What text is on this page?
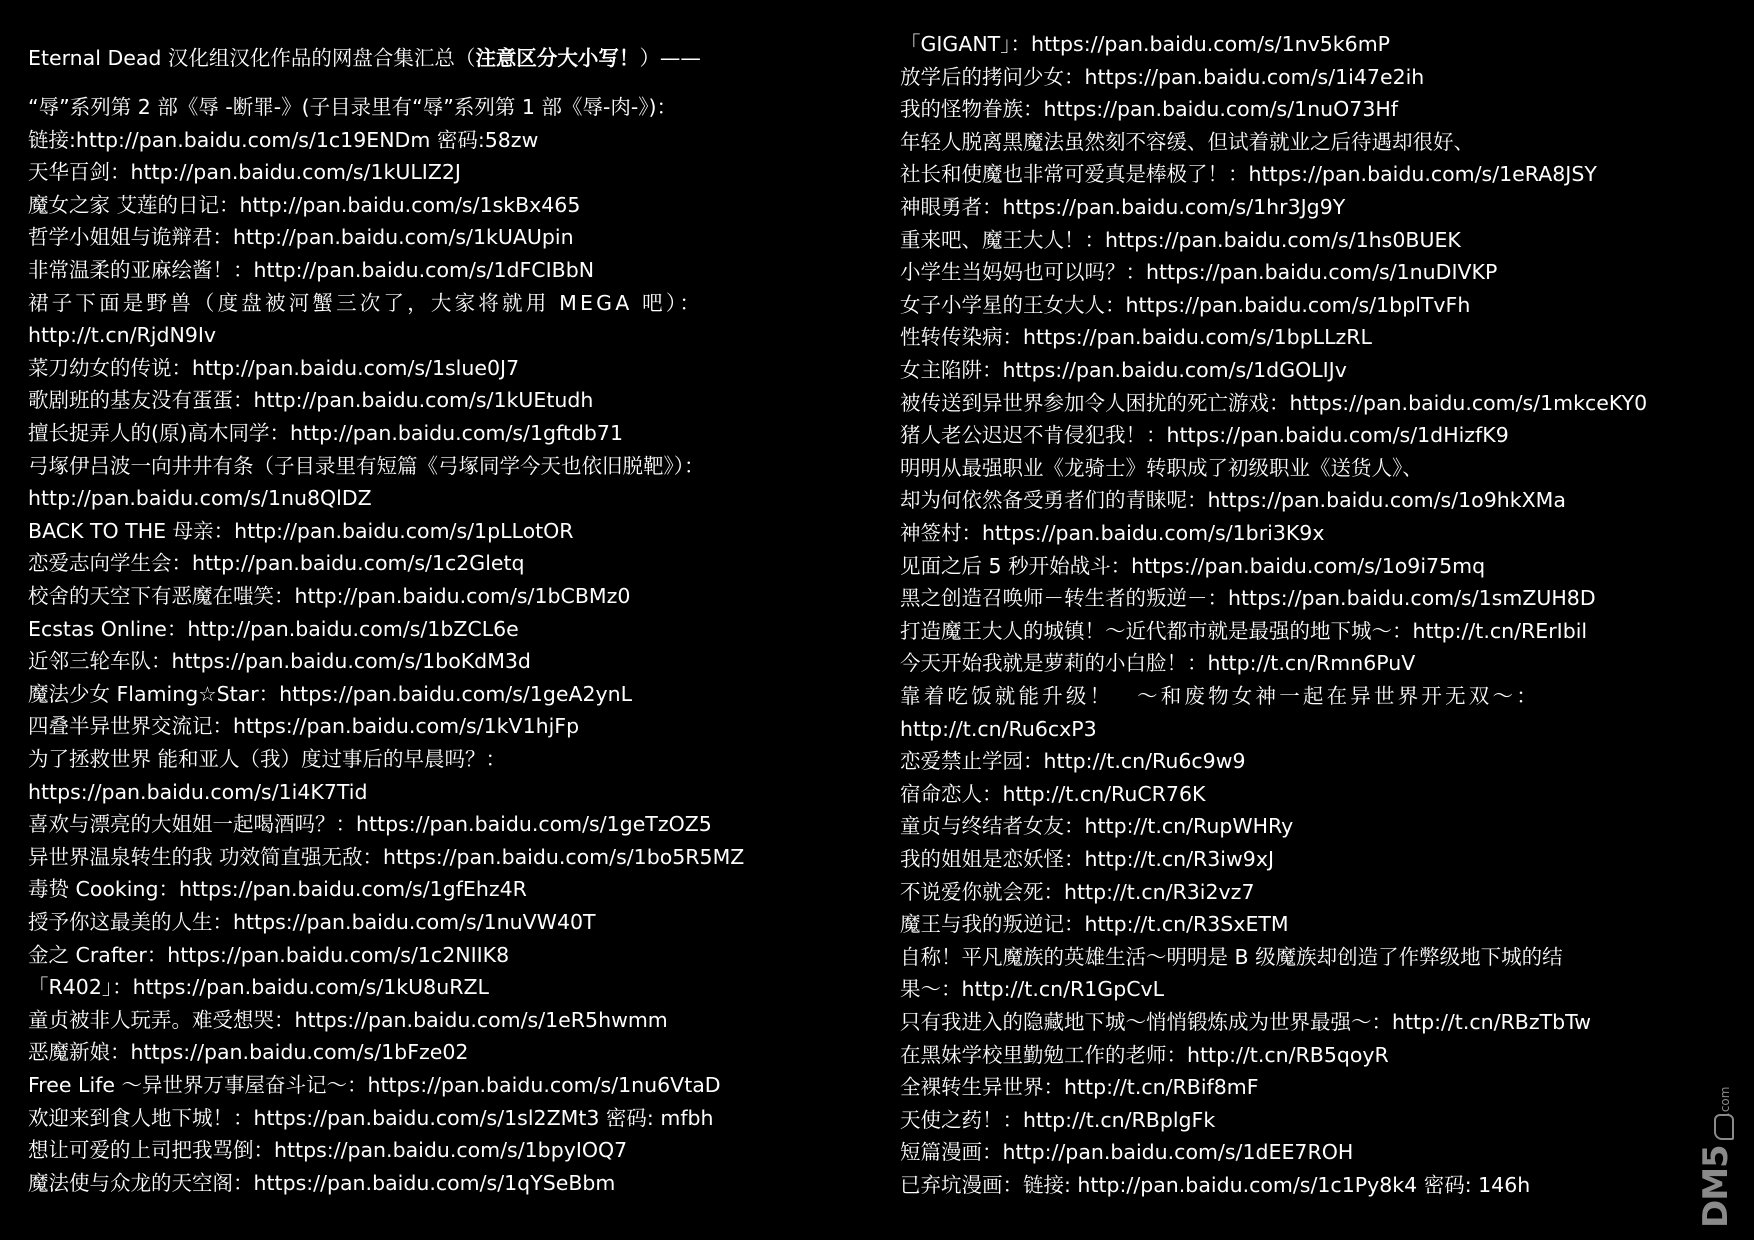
Eternal Dead 汉化组汉化作品的网盘合集汇总（注意区分大小写！）——
“辱”系列第 2 部《辱 -断罪-》(子目录里有“辱”系列第 1 部《辱-肉-》)：
链接:http://pan.baidu.com/s/1c19ENDm 密码:58zw
天华百剑：http://pan.baidu.com/s/1kULIZ2J
魔女之家 艾莲的日记：http://pan.baidu.com/s/1skBx465
哲学小姐姐与诡辩君：http://pan.baidu.com/s/1kUAUpin
非常温柔的亚麻绘酱！：http://pan.baidu.com/s/1dFCIBbN
裙子下面是野兽（度盘被河蟹三次了，大家将就用 MEGA 吧）：
http://t.cn/RjdN9Iv
菜刀幼女的传说：http://pan.baidu.com/s/1slue0J7
歌剧班的基友没有蛋蛋：http://pan.baidu.com/s/1kUEtudh
擅长捉弄人的(原)高木同学：http://pan.baidu.com/s/1gftdb71
弓塚伊吕波一向井井有条（子目录里有短篇《弓塚同学今天也依旧脱靶》）：
http://pan.baidu.com/s/1nu8QlDZ
BACK TO THE 母亲：http://pan.baidu.com/s/1pLLotOR
恋爱志向学生会：http://pan.baidu.com/s/1c2Gletq
校舍的天空下有恶魔在嗤笑：http://pan.baidu.com/s/1bCBMz0
Ecstas Online：http://pan.baidu.com/s/1bZCL6e
近邻三轮车队：https://pan.baidu.com/s/1boKdM3d
魔法少女 Flaming☆Star：https://pan.baidu.com/s/1geA2ynL
四叠半异世界交流记：https://pan.baidu.com/s/1kV1hjFp
为了拯救世界 能和亚人（我）度过事后的早晨吗？：
https://pan.baidu.com/s/1i4K7Tid
喜欢与漂亮的大姐姐一起喝酒吗？：https://pan.baidu.com/s/1geTzOZ5
异世界温泉转生的我 功效简直强无敌：https://pan.baidu.com/s/1bo5R5MZ
毒贽 Cooking：https://pan.baidu.com/s/1gfEhz4R
授予你这最美的人生：https://pan.baidu.com/s/1nuVW40T
金之 Crafter：https://pan.baidu.com/s/1c2NIIK8
「R402」：https://pan.baidu.com/s/1kU8uRZL
童贞被非人玩弄。难受想哭：https://pan.baidu.com/s/1eR5hwmm
恶魔新娘：https://pan.baidu.com/s/1bFze02
Free Life ～异世界万事屋奋斗记～：https://pan.baidu.com/s/1nu6VtaD
欢迎来到食人地下城！：https://pan.baidu.com/s/1sl2ZMt3 密码: mfbh
想让可爱的上司把我骂倒：https://pan.baidu.com/s/1bpyIOQ7
魔法使与众龙的天空阁：https://pan.baidu.com/s/1qYSeBbm
「GIGANT」：https://pan.baidu.com/s/1nv5k6mP
放学后的拷问少女：https://pan.baidu.com/s/1i47e2ih
我的怪物眷族：https://pan.baidu.com/s/1nuO73Hf
年轻人脱离黑魔法虽然刻不容缓、但试着就业之后待遇却很好、
社长和使魔也非常可爱真是棒极了！：https://pan.baidu.com/s/1eRA8JSY
神眼勇者：https://pan.baidu.com/s/1hr3Jg9Y
重来吧、魔王大人！：https://pan.baidu.com/s/1hs0BUEK
小学生当妈妈也可以吗？：https://pan.baidu.com/s/1nuDIVKP
女子小学星的王女大人：https://pan.baidu.com/s/1bplTvFh
性转传染病：https://pan.baidu.com/s/1bpLLzRL
女主陷阱：https://pan.baidu.com/s/1dGOLIJv
被传送到异世界参加令人困扰的死亡游戏：https://pan.baidu.com/s/1mkceKY0
猪人老公迟迟不肯侵犯我！：https://pan.baidu.com/s/1dHizfK9
明明从最强职业《龙骑士》转职成了初级职业《送货人》、
却为何依然备受勇者们的青睐呢：https://pan.baidu.com/s/1o9hkXMa
神签村：https://pan.baidu.com/s/1bri3K9x
见面之后 5 秒开始战斗：https://pan.baidu.com/s/1o9i75mq
黑之创造召唤师－转生者的叛逆－：https://pan.baidu.com/s/1smZUH8D
打造魔王大人的城镇！～近代都市就是最强的地下城～：http://t.cn/RErIbil
今天开始我就是萝莉的小白脸！：http://t.cn/Rmn6PuV
靠着吃饭就能升级！　～和废物女神一起在异世界开无双～：
http://t.cn/Ru6cxP3
恋爱禁止学园：http://t.cn/Ru6c9w9
宿命恋人：http://t.cn/RuCR76K
童贞与终结者女友：http://t.cn/RupWHRy
我的姐姐是恋妖怪：http://t.cn/R3iw9xJ
不说爱你就会死：http://t.cn/R3i2vz7
魔王与我的叛逆记：http://t.cn/R3SxETM
自称！平凡魔族的英雄生活～明明是 B 级魔族却创造了作弊级地下城的结
果～：http://t.cn/R1GpCvL
只有我进入的隐藏地下城～悄悄锻炼成为世界最强～：http://t.cn/RBzTbTw
在黑妹学校里勤勉工作的老师：http://t.cn/RB5qoyR
全裸转生异世界：http://t.cn/RBif8mF
天使之药！：http://t.cn/RBplgFk
短篇漫画：http://pan.baidu.com/s/1dEE7ROH
已弃坑漫画：链接: http://pan.baidu.com/s/1c1Py8k4 密码: 146h
.com
DM5
